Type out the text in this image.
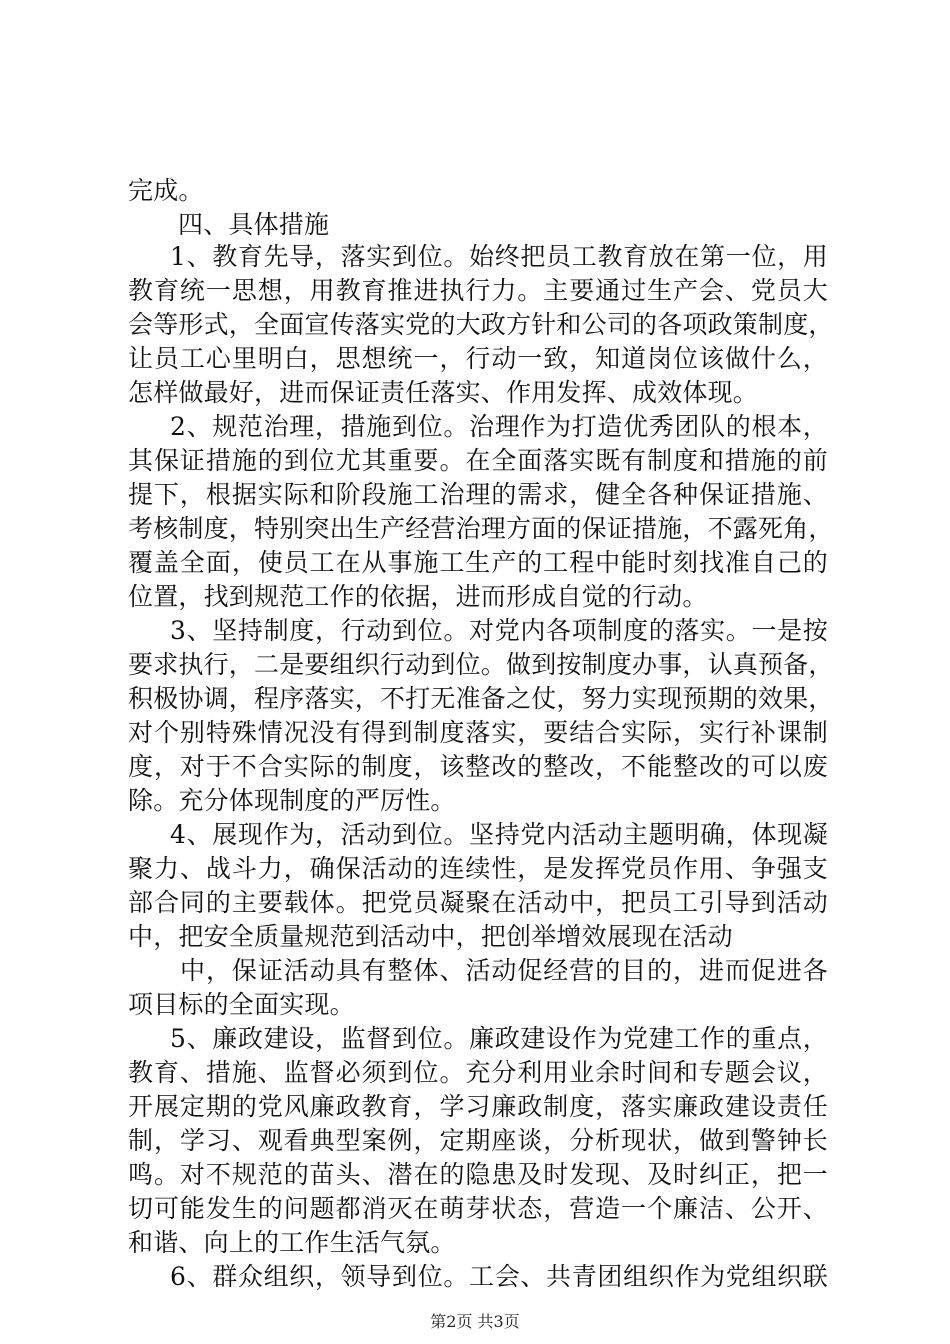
完成。
四、具体措施
1、教育先导，落实到位。始终把员工教育放在第一位，用
教育统一思想，用教育推进执行力。主要通过生产会、党员大
会等形式，全面宣传落实党的大政方针和公司的各项政策制度，
让员工心里明白，思想统一，行动一致，知道岗位该做什么，
怎样做最好，进而保证责任落实、作用发挥、成效体现。
2、规范治理，措施到位。治理作为打造优秀团队的根本，
其保证措施的到位尤其重要。在全面落实既有制度和措施的前
提下，根据实际和阶段施工治理的需求，健全各种保证措施、
考核制度，特别突出生产经营治理方面的保证措施，不露死角，
覆盖全面，使员工在从事施工生产的工程中能时刻找准自己的
位置，找到规范工作的依据，进而形成自觉的行动。
3、坚持制度，行动到位。对党内各项制度的落实。一是按
要求执行，二是要组织行动到位。做到按制度办事，认真预备，
积极协调，程序落实，不打无准备之仗，努力实现预期的效果，
对个别特殊情况没有得到制度落实，要结合实际，实行补课制
度，对于不合实际的制度，该整改的整改，不能整改的可以废
除。充分体现制度的严厉性。
4、展现作为，活动到位。坚持党内活动主题明确，体现凝
聚力、战斗力，确保活动的连续性，是发挥党员作用、争强支
部合同的主要载体。把党员凝聚在活动中，把员工引导到活动
中，把安全质量规范到活动中，把创举增效展现在活动
中，保证活动具有整体、活动促经营的目的，进而促进各
项目标的全面实现。
5、廉政建设，监督到位。廉政建设作为党建工作的重点，
教育、措施、监督必须到位。充分利用业余时间和专题会议，
开展定期的党风廉政教育，学习廉政制度，落实廉政建设责任
制，学习、观看典型案例，定期座谈，分析现状，做到警钟长
鸣。对不规范的苗头、潜在的隐患及时发现、及时纠正，把一
切可能发生的问题都消灭在萌芽状态，营造一个廉洁、公开、
和谐、向上的工作生活气氛。
6、群众组织，领导到位。工会、共青团组织作为党组织联
第2页 共3页
